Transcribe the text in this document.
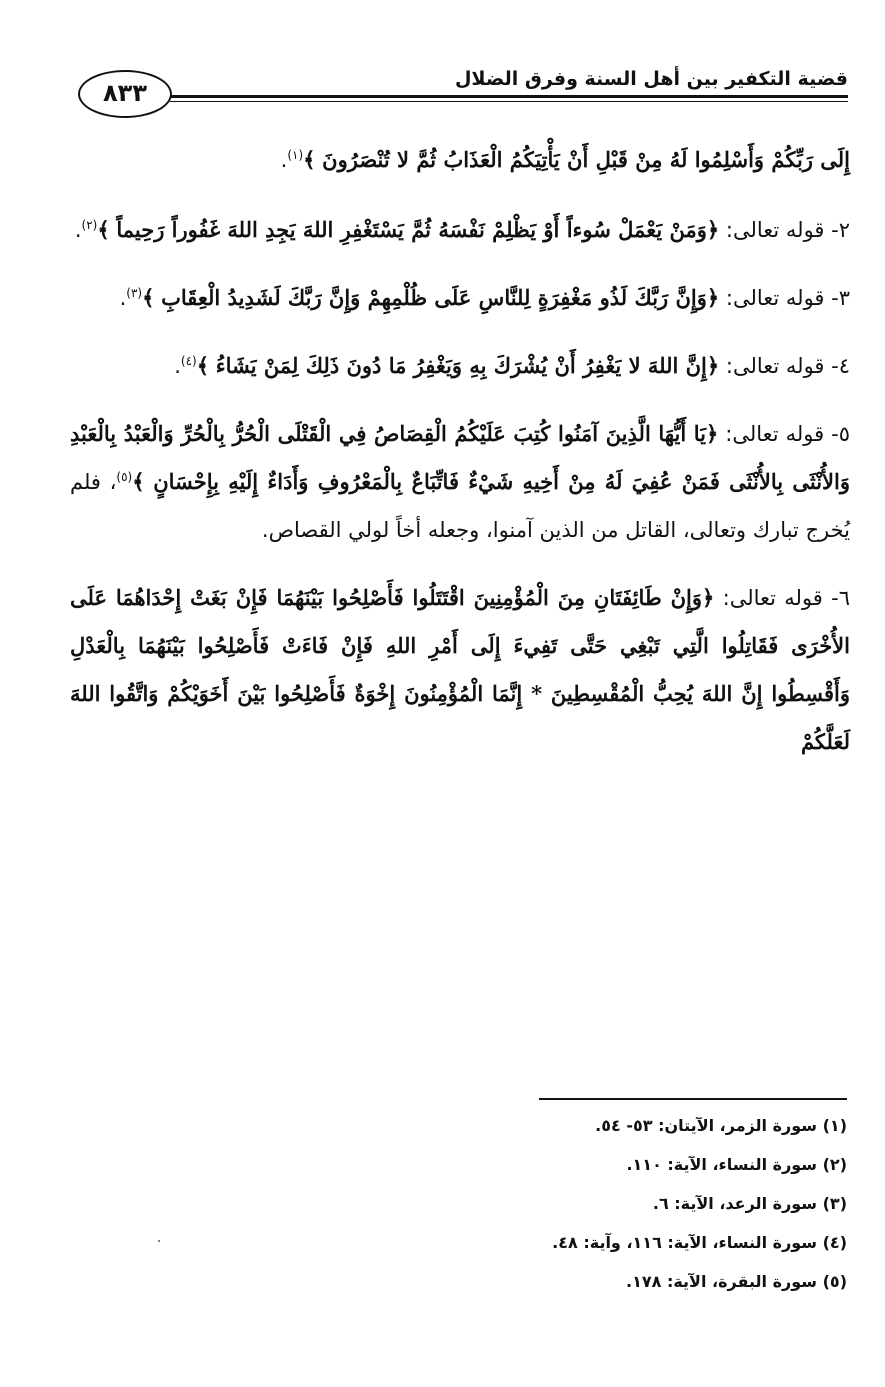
قضية التكفير بين أهل السنة وفرق الضلال
٨٣٣

إِلَى رَبِّكُمْ وَأَسْلِمُوا لَهُ مِنْ قَبْلِ أَنْ يَأْتِيَكُمُ الْعَذَابُ ثُمَّ لا تُنْصَرُونَ ﴾$^{(١)}$.

٢- قوله تعالى: ﴿وَمَنْ يَعْمَلْ سُوءاً أَوْ يَظْلِمْ نَفْسَهُ ثُمَّ يَسْتَغْفِرِ اللهَ يَجِدِ اللهَ غَفُوراً رَحِيماً ﴾$^{(٢)}$.

٣- قوله تعالى: ﴿وَإِنَّ رَبَّكَ لَذُو مَغْفِرَةٍ لِلنَّاسِ عَلَى ظُلْمِهِمْ وَإِنَّ رَبَّكَ لَشَدِيدُ الْعِقَابِ ﴾$^{(٣)}$.

٤- قوله تعالى: ﴿إِنَّ اللهَ لا يَغْفِرُ أَنْ يُشْرَكَ بِهِ وَيَغْفِرُ مَا دُونَ ذَلِكَ لِمَنْ يَشَاءُ ﴾$^{(٤)}$.

٥- قوله تعالى: ﴿يَا أَيُّهَا الَّذِينَ آمَنُوا كُتِبَ عَلَيْكُمُ الْقِصَاصُ فِي الْقَتْلَى الْحُرُّ بِالْحُرِّ وَالْعَبْدُ بِالْعَبْدِ وَالأُنْثَى بِالأُنْثَى فَمَنْ عُفِيَ لَهُ مِنْ أَخِيهِ شَيْءٌ فَاتِّبَاعٌ بِالْمَعْرُوفِ وَأَدَاءٌ إِلَيْهِ بِإِحْسَانٍ ﴾$^{(٥)}$، فلم يُخرج تبارك وتعالى، القاتل من الذين آمنوا، وجعله أخاً لولي القصاص.

٦- قوله تعالى: ﴿وَإِنْ طَائِفَتَانِ مِنَ الْمُؤْمِنِينَ اقْتَتَلُوا فَأَصْلِحُوا بَيْنَهُمَا فَإِنْ بَغَتْ إِحْدَاهُمَا عَلَى الأُخْرَى فَقَاتِلُوا الَّتِي تَبْغِي حَتَّى تَفِيءَ إِلَى أَمْرِ اللهِ فَإِنْ فَاءَتْ فَأَصْلِحُوا بَيْنَهُمَا بِالْعَدْلِ وَأَقْسِطُوا إِنَّ اللهَ يُحِبُّ الْمُقْسِطِينَ * إِنَّمَا الْمُؤْمِنُونَ إِخْوَةٌ فَأَصْلِحُوا بَيْنَ أَخَوَيْكُمْ وَاتَّقُوا اللهَ لَعَلَّكُمْ

(١) سورة الزمر، الآيتان: ٥٣- ٥٤.
(٢) سورة النساء، الآية: ١١٠.
(٣) سورة الرعد، الآية: ٦.
(٤) سورة النساء، الآية: ١١٦، وآية: ٤٨.
(٥) سورة البقرة، الآية: ١٧٨.
